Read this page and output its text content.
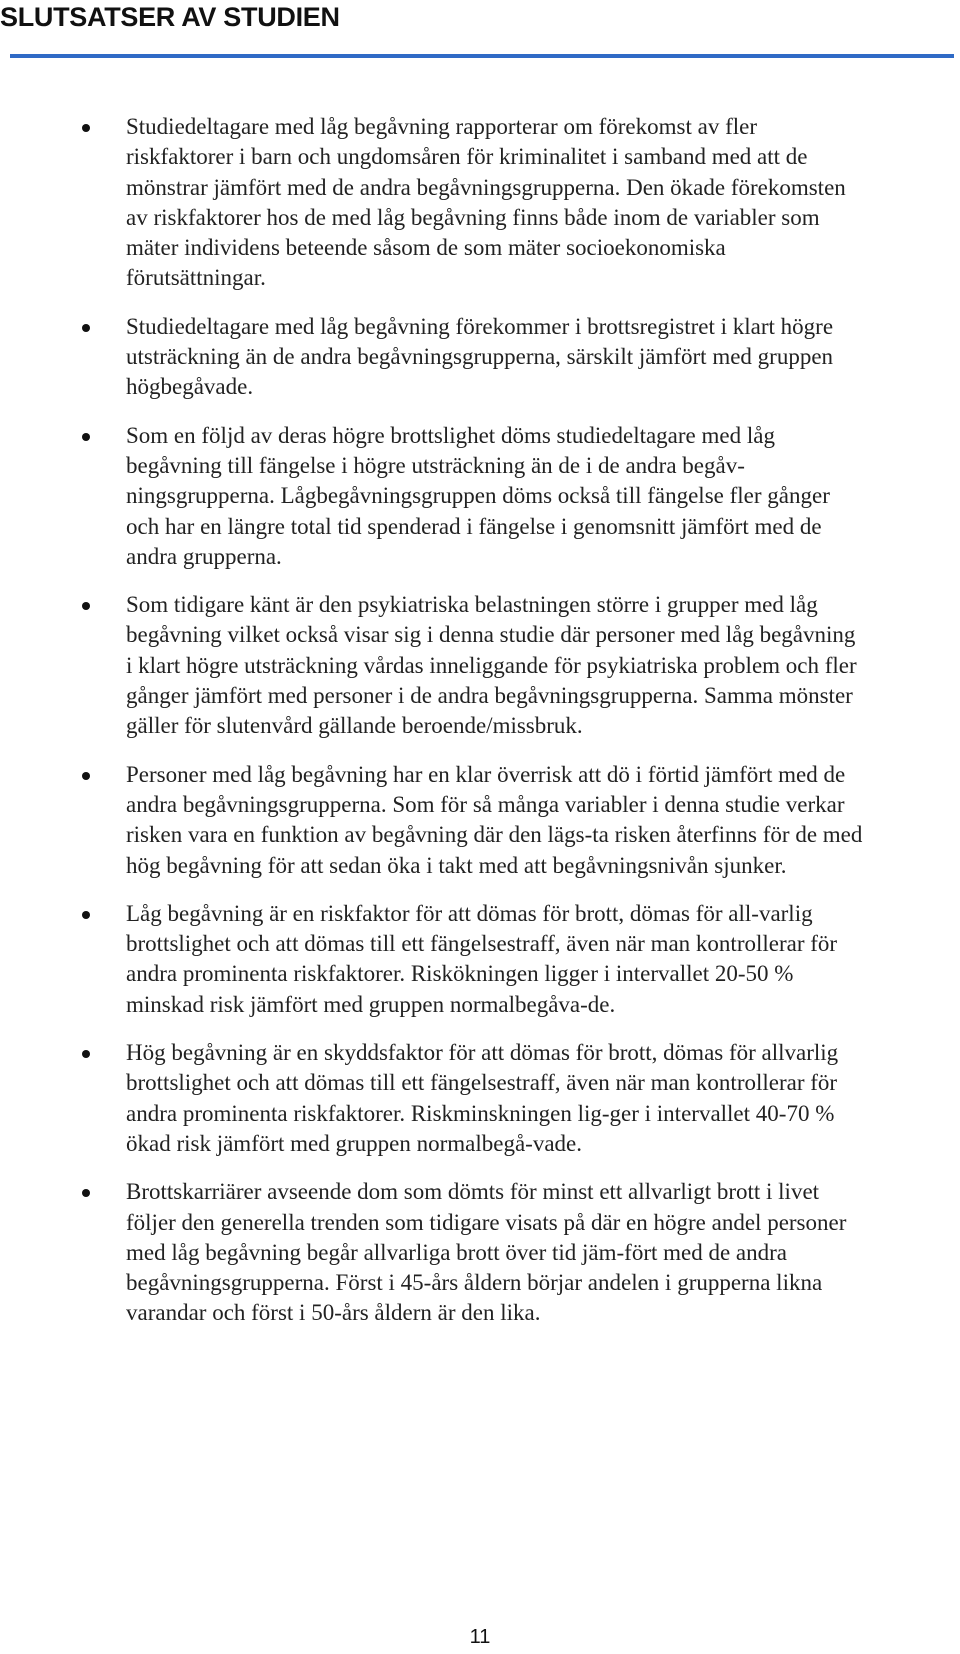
SLUTSATSER AV STUDIEN
Studiedeltagare med låg begåvning rapporterar om förekomst av fler riskfaktorer i barn och ungdomsåren för kriminalitet i samband med att de mönstrar jämfört med de andra begåvningsgrupperna. Den ökade förekomsten av riskfaktorer hos de med låg begåvning finns både inom de variabler som mäter individens beteende såsom de som mäter socioekonomiska förutsättningar.
Studiedeltagare med låg begåvning förekommer i brottsregistret i klart högre utsträckning än de andra begåvningsgrupperna, särskilt jämfört med gruppen högbegåvade.
Som en följd av deras högre brottslighet döms studiedeltagare med låg begåvning till fängelse i högre utsträckning än de i de andra begåv-ningsgrupperna. Lågbegåvningsgruppen döms också till fängelse fler gånger och har en längre total tid spenderad i fängelse i genomsnitt jämfört med de andra grupperna.
Som tidigare känt är den psykiatriska belastningen större i grupper med låg begåvning vilket också visar sig i denna studie där personer med låg begåvning i klart högre utsträckning vårdas inneliggande för psykiatriska problem och fler gånger jämfört med personer i de andra begåvningsgrupperna. Samma mönster gäller för slutenvård gällande beroende/missbruk.
Personer med låg begåvning har en klar överrisk att dö i förtid jämfört med de andra begåvningsgrupperna. Som för så många variabler i denna studie verkar risken vara en funktion av begåvning där den lägs-ta risken återfinns för de med hög begåvning för att sedan öka i takt med att begåvningsnivån sjunker.
Låg begåvning är en riskfaktor för att dömas för brott, dömas för all-varlig brottslighet och att dömas till ett fängelsestraff, även när man kontrollerar för andra prominenta riskfaktorer. Riskökningen ligger i intervallet 20-50 % minskad risk jämfört med gruppen normalbegåva-de.
Hög begåvning är en skyddsfaktor för att dömas för brott, dömas för allvarlig brottslighet och att dömas till ett fängelsestraff, även när man kontrollerar för andra prominenta riskfaktorer. Riskminskningen lig-ger i intervallet 40-70 % ökad risk jämfört med gruppen normalbegå-vade.
Brottskarriärer avseende dom som dömts för minst ett allvarligt brott i livet följer den generella trenden som tidigare visats på där en högre andel personer med låg begåvning begår allvarliga brott över tid jäm-fört med de andra begåvningsgrupperna. Först i 45-års åldern börjar andelen i grupperna likna varandar och först i 50-års åldern är den lika.
11
